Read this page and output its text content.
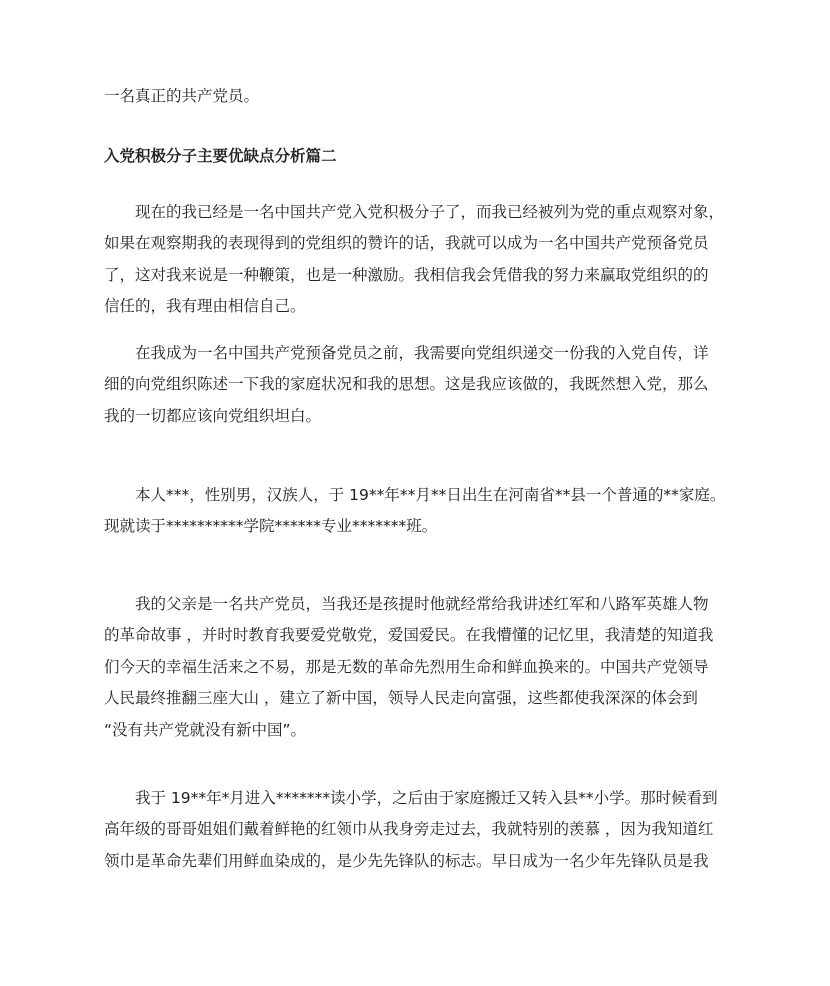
一名真正的共产党员。
入党积极分子主要优缺点分析篇二
　　现在的我已经是一名中国共产党入党积极分子了，而我已经被列为党的重点观察对象，
如果在观察期我的表现得到的党组织的赞许的话，我就可以成为一名中国共产党预备党员
了，这对我来说是一种鞭策，也是一种激励。我相信我会凭借我的努力来赢取党组织的的
信任的，我有理由相信自己。
　　在我成为一名中国共产党预备党员之前，我需要向党组织递交一份我的入党自传，详
细的向党组织陈述一下我的家庭状况和我的思想。这是我应该做的，我既然想入党，那么
我的一切都应该向党组织坦白。
　　本人***，性别男，汉族人，于 19**年**月**日出生在河南省**县一个普通的**家庭。
现就读于**********学院******专业*******班。
　　我的父亲是一名共产党员，当我还是孩提时他就经常给我讲述红军和八路军英雄人物
的革命故事 ，并时时教育我要爱党敬党，爱国爱民。在我懵懂的记忆里，我清楚的知道我
们今天的幸福生活来之不易，那是无数的革命先烈用生命和鲜血换来的。中国共产党领导
人民最终推翻三座大山 ，建立了新中国，领导人民走向富强，这些都使我深深的体会到
“没有共产党就没有新中国”。
　　我于 19**年*月进入*******读小学，之后由于家庭搬迁又转入县**小学。那时候看到
高年级的哥哥姐姐们戴着鲜艳的红领巾从我身旁走过去，我就特别的羡慕 ，因为我知道红
领巾是革命先辈们用鲜血染成的，是少先先锋队的标志。早日成为一名少年先锋队员是我
